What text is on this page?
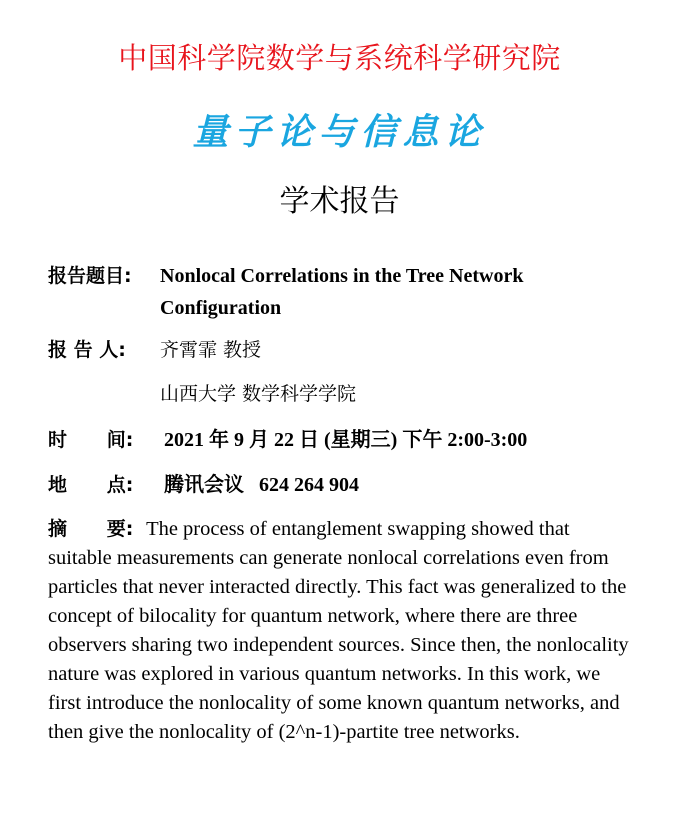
中国科学院数学与系统科学研究院
量子论与信息论
学术报告
报告题目: Nonlocal Correlations in the Tree Network Configuration
报 告 人: 齐霄霏 教授
山西大学 数学科学学院
时      间: 2021 年 9 月 22 日 (星期三) 下午 2:00-3:00
地      点: 腾讯会议   624 264 904
摘      要: The process of entanglement swapping showed that suitable measurements can generate nonlocal correlations even from particles that never interacted directly. This fact was generalized to the concept of bilocality for quantum network, where there are three observers sharing two independent sources. Since then, the nonlocality nature was explored in various quantum networks. In this work, we first introduce the nonlocality of some known quantum networks, and then give the nonlocality of (2^n-1)-partite tree networks.
